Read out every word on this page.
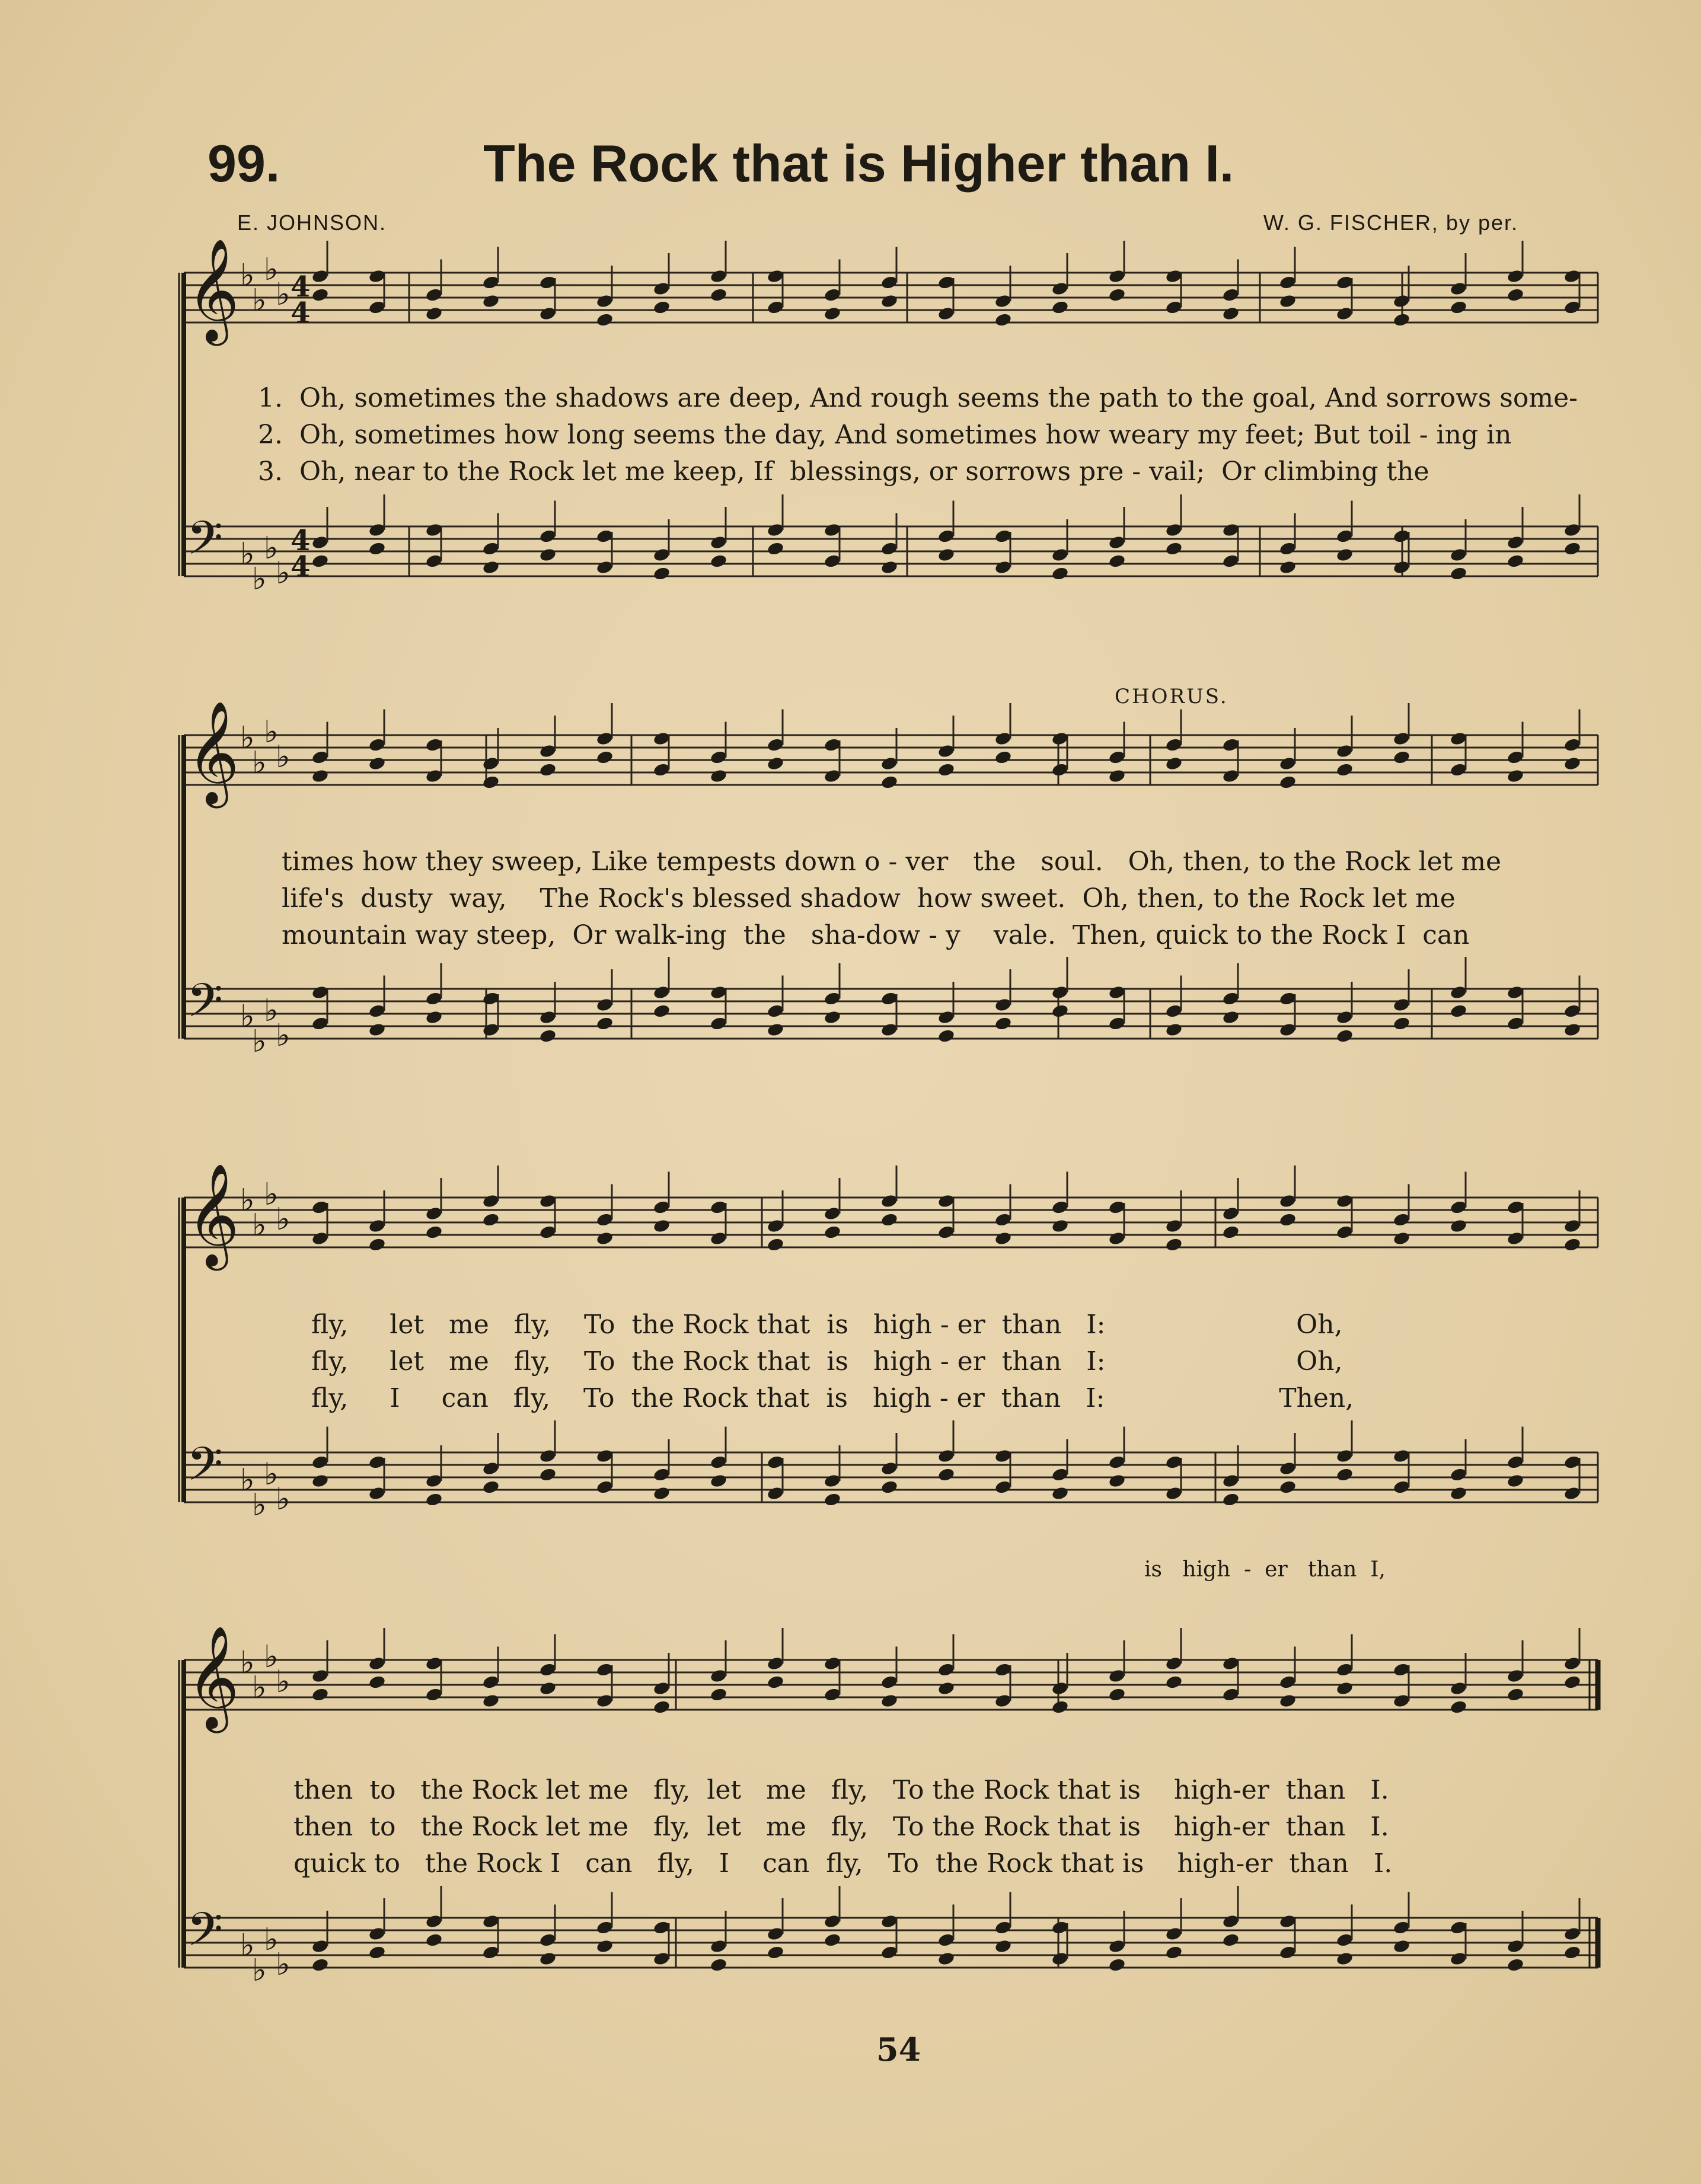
99.	The Rock that is Higher than I.
E. JOHNSON.	W. G. FISCHER, by per.
𝄞 ♭
♭
♭
♭
𝄢 ♭
♭
♭
♭
4
4
4
4
𝄞 ♭
♭
♭
♭
𝄢 ♭
♭
♭
♭
𝄞 ♭
♭
♭
♭
𝄢 ♭
♭
♭
♭
𝄞 ♭
♭
♭
♭
𝄢 ♭
♭
♭
♭
CHORUS.
1.  Oh, sometimes the shadows are deep, And rough seems the path to the goal, And sorrows some-
2.  Oh, sometimes how long seems the day, And sometimes how weary my feet; But toil - ing in
3.  Oh, near to the Rock let me keep, If  blessings, or sorrows pre - vail;  Or climbing the
times how they sweep, Like tempests down o - ver   the   soul.   Oh, then, to the Rock let me
life's  dusty  way,    The Rock's blessed shadow  how sweet.  Oh, then, to the Rock let me
mountain way steep,  Or walk-ing  the   sha-dow - y    vale.  Then, quick to the Rock I  can
fly,     let   me   fly,    To  the Rock that  is   high - er  than   I:                       Oh,
fly,     let   me   fly,    To  the Rock that  is   high - er  than   I:                       Oh,
fly,     I     can   fly,    To  the Rock that  is   high - er  than   I:                     Then,
is   high  -  er   than  I,
then  to   the Rock let me   fly,  let   me   fly,   To the Rock that is    high-er  than   I.
then  to   the Rock let me   fly,  let   me   fly,   To the Rock that is    high-er  than   I.
quick to   the Rock I   can   fly,   I    can  fly,   To  the Rock that is    high-er  than   I.
54
